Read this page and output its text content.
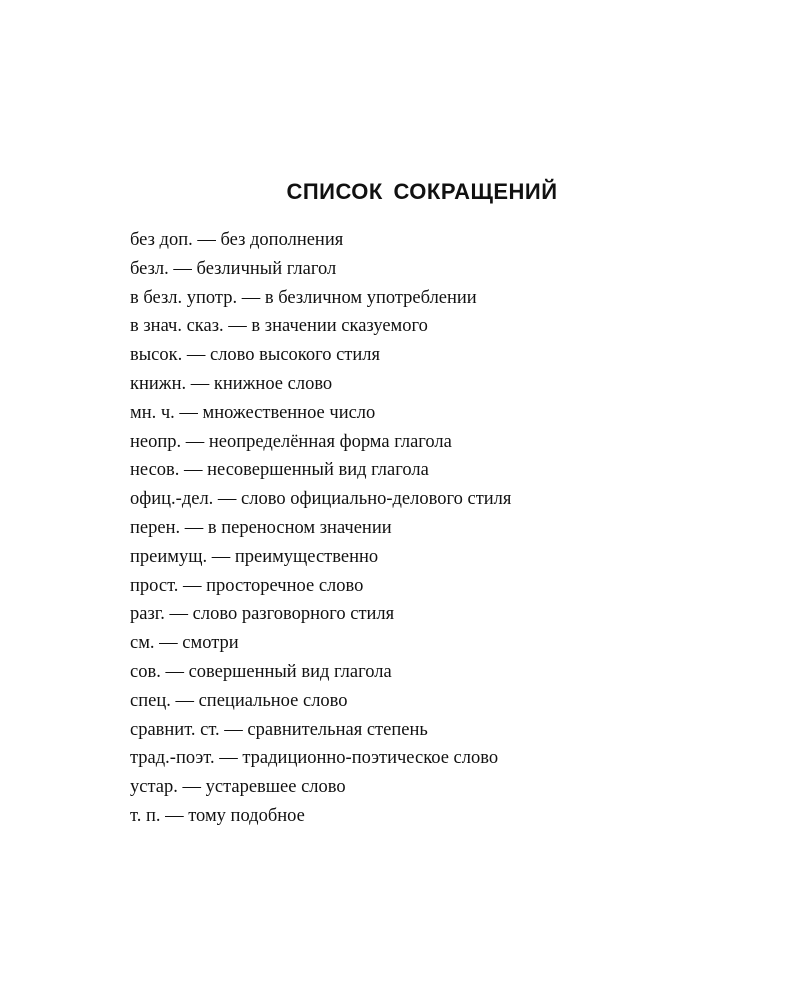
СПИСОК СОКРАЩЕНИЙ
без доп. — без дополнения
безл. — безличный глагол
в безл. употр. — в безличном употреблении
в знач. сказ. — в значении сказуемого
высок. — слово высокого стиля
книжн. — книжное слово
мн. ч. — множественное число
неопр. — неопределённая форма глагола
несов. — несовершенный вид глагола
офиц.-дел. — слово официально-делового стиля
перен. — в переносном значении
преимущ. — преимущественно
прост. — просторечное слово
разг. — слово разговорного стиля
см. — смотри
сов. — совершенный вид глагола
спец. — специальное слово
сравнит. ст. — сравнительная степень
трад.-поэт. — традиционно-поэтическое слово
устар. — устаревшее слово
т. п. — тому подобное
